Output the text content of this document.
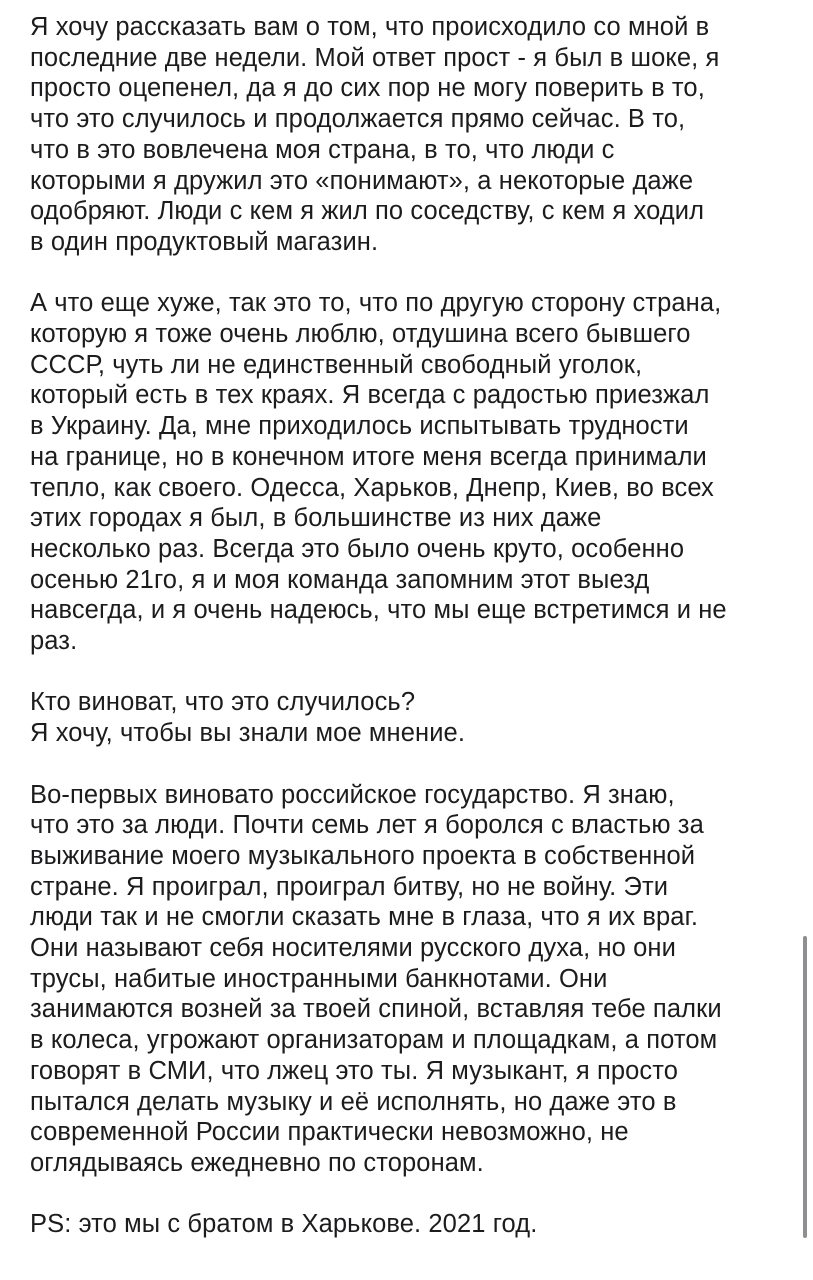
Я хочу рассказать вам о том, что происходило со мной в
последние две недели. Мой ответ прост - я был в шоке, я
просто оцепенел, да я до сих пор не могу поверить в то,
что это случилось и продолжается прямо сейчас. В то,
что в это вовлечена моя страна, в то, что люди с
которыми я дружил это «понимают», а некоторые даже
одобряют. Люди с кем я жил по соседству, с кем я ходил
в один продуктовый магазин.
А что еще хуже, так это то, что по другую сторону страна,
которую я тоже очень люблю, отдушина всего бывшего
СССР, чуть ли не единственный свободный уголок,
который есть в тех краях. Я всегда с радостью приезжал
в Украину. Да, мне приходилось испытывать трудности
на границе, но в конечном итоге меня всегда принимали
тепло, как своего. Одесса, Харьков, Днепр, Киев, во всех
этих городах я был, в большинстве из них даже
несколько раз. Всегда это было очень круто, особенно
осенью 21го, я и моя команда запомним этот выезд
навсегда, и я очень надеюсь, что мы еще встретимся и не
раз.
Кто виноват, что это случилось?
Я хочу, чтобы вы знали мое мнение.
Во-первых виновато российское государство. Я знаю,
что это за люди. Почти семь лет я боролся с властью за
выживание моего музыкального проекта в собственной
стране. Я проиграл, проиграл битву, но не войну. Эти
люди так и не смогли сказать мне в глаза, что я их враг.
Они называют себя носителями русского духа, но они
трусы, набитые иностранными банкнотами. Они
занимаются возней за твоей спиной, вставляя тебе палки
в колеса, угрожают организаторам и площадкам, а потом
говорят в СМИ, что лжец это ты. Я музыкант, я просто
пытался делать музыку и её исполнять, но даже это в
современной России практически невозможно, не
оглядываясь ежедневно по сторонам.
PS: это мы с братом в Харькове. 2021 год.
